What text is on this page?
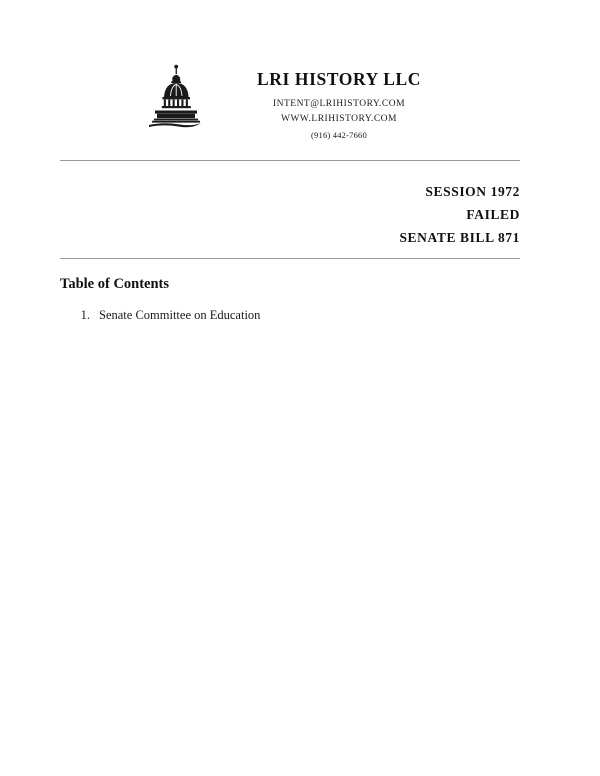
LRI HISTORY LLC
INTENT@LRIHISTORY.COM
WWW.LRIHISTORY.COM
(916) 442-7660
SESSION 1972
FAILED
SENATE BILL 871
Table of Contents
1. Senate Committee on Education
